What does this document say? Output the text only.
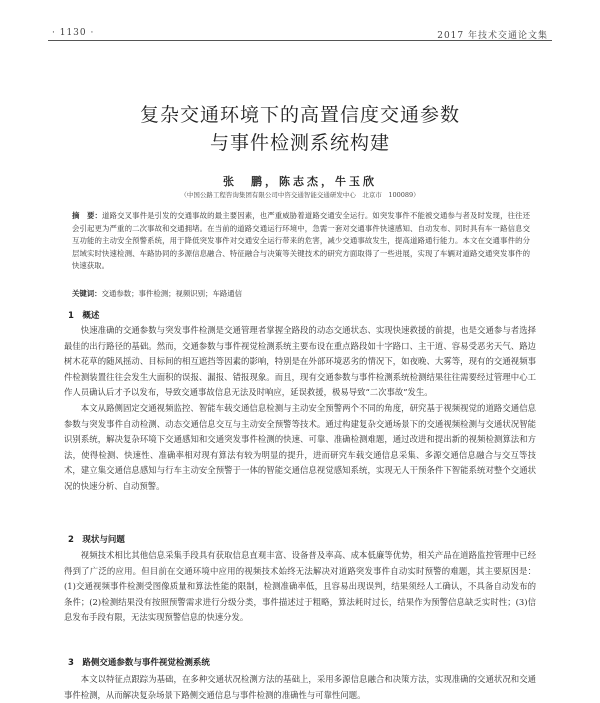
· 1130 ·	2017 年技术交通论文集
复杂交通环境下的高置信度交通参数
与事件检测系统构建
张　鹏，陈志杰，牛玉欣
（中国公路工程咨询集团有限公司中咨交通智能交通研发中心　北京市　100089）
摘　要：道路交叉事件是引发的交通事故的最主要因素，也严重威胁着道路交通安全运行。如突发事件不能被交通参与者及时发现，往往还会引起更为严重的二次事故和交通拥堵。在当前的道路交通运行环境中，急需一套对交通事件快速感知、自动发布、同时具有车一路信息交互功能的主动安全预警系统，用于降低突发事件对交通安全运行带来的危害，减少交通事故发生，提高道路通行能力。本文在交通事件的分层域实时快速检测、车路协同的多源信息融合、特征融合与决策等关键技术的研究方面取得了一些进展，实现了车辆对道路交通突发事件的快速获取。
关键词：交通参数；事件检测；视频识别；车路通信
1　概述

快速准确的交通参数与突发事件检测是交通管理者掌握全路段的动态交通状态、实现快速救援的前提，也是交通参与者选择最佳的出行路径的基础。然而，交通参数与事件视觉检测系统主要布设在重点路段如十字路口、主干道、容易受恶劣天气、路边树木花草的随风摇动、目标间的相互遮挡等因素的影响，特别是在外部环境恶劣的情况下，如夜晚、大雾等，现有的交通视频事件检测装置往往会发生大面积的误报、漏报、错报现象。而且，现有交通参数与事件检测系统检测结果往往需要经过管理中心工作人员确认后才予以发布，导致交通事故信息无法及时响应，延误救援，极易导致“二次事故”发生。

本文从路侧固定交通视频监控、智能车载交通信息检测与主动安全预警两个不同的角度，研究基于视频视觉的道路交通信息参数与突发事件自动检测、动态交通信息交互与主动安全预警等技术。通过构建复杂交通场景下的交通视频检测与交通状况智能识别系统，解决复杂环境下交通感知和交通突发事件检测的快速、可靠、准确检测难题，通过改进和提出新的视频检测算法和方法，使得检测、快速性、准确率相对现有算法有较为明显的提升，进而研究车载交通信息采集、多源交通信息融合与交互等技术，建立集交通信息感知与行车主动安全预警于一体的智能交通信息视觉感知系统，实现无人干预条件下智能系统对整个交通状况的快速分析、自动预警。

2　现状与问题

视频技术相比其他信息采集手段具有获取信息直观丰富、设备普及率高、成本低廉等优势，相关产品在道路监控管理中已经得到了广泛的应用。但目前在交通环境中应用的视频技术始终无法解决对道路突发事件自动实时预警的难题，其主要原因是：(1)交通视频事件检测受图像质量和算法性能的限制，检测准确率低，且容易出现误判，结果须经人工确认，不具备自动发布的条件；(2)检测结果没有按照预警需求进行分级分类，事件描述过于粗略，算法耗时过长，结果作为预警信息缺乏实时性；(3)信息发布手段有限，无法实现预警信息的快速分发。

3　路侧交通参数与事件视觉检测系统

本文以特征点跟踪为基础，在多种交通状况检测方法的基础上，采用多源信息融合和决策方法，实现准确的交通状况和交通事件检测，从而解决复杂场景下路侧交通信息与事件检测的准确性与可靠性问题。
